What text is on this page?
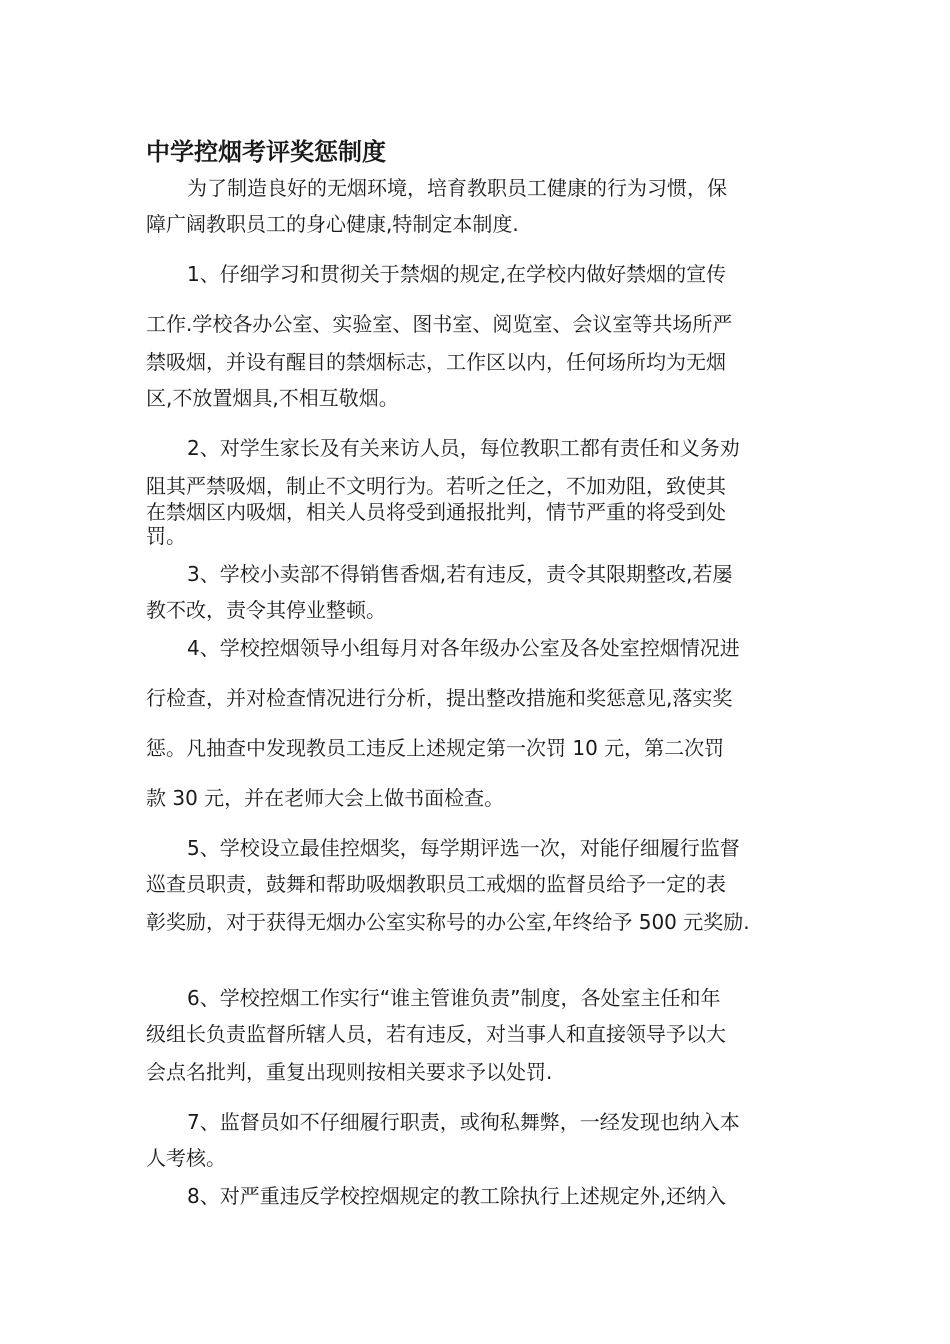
中学控烟考评奖惩制度
为了制造良好的无烟环境，培育教职员工健康的行为习惯，保
障广阔教职员工的身心健康,特制定本制度.
1、仔细学习和贯彻关于禁烟的规定,在学校内做好禁烟的宣传
工作.学校各办公室、实验室、图书室、阅览室、会议室等共场所严
禁吸烟，并设有醒目的禁烟标志，工作区以内，任何场所均为无烟
区,不放置烟具,不相互敬烟。
2、对学生家长及有关来访人员，每位教职工都有责任和义务劝
阻其严禁吸烟，制止不文明行为。若听之任之，不加劝阻，致使其
在禁烟区内吸烟，相关人员将受到通报批判，情节严重的将受到处
罚。
3、学校小卖部不得销售香烟,若有违反，责令其限期整改,若屡
教不改，责令其停业整顿。
4、学校控烟领导小组每月对各年级办公室及各处室控烟情况进
行检查，并对检查情况进行分析，提出整改措施和奖惩意见,落实奖
惩。凡抽查中发现教员工违反上述规定第一次罚 10 元，第二次罚
款 30 元，并在老师大会上做书面检查。
5、学校设立最佳控烟奖，每学期评选一次，对能仔细履行监督
巡查员职责，鼓舞和帮助吸烟教职员工戒烟的监督员给予一定的表
彰奖励，对于获得无烟办公室实称号的办公室,年终给予 500 元奖励.
6、学校控烟工作实行“谁主管谁负责”制度，各处室主任和年
级组长负责监督所辖人员，若有违反，对当事人和直接领导予以大
会点名批判，重复出现则按相关要求予以处罚.
7、监督员如不仔细履行职责，或徇私舞弊，一经发现也纳入本
人考核。
8、对严重违反学校控烟规定的教工除执行上述规定外,还纳入
